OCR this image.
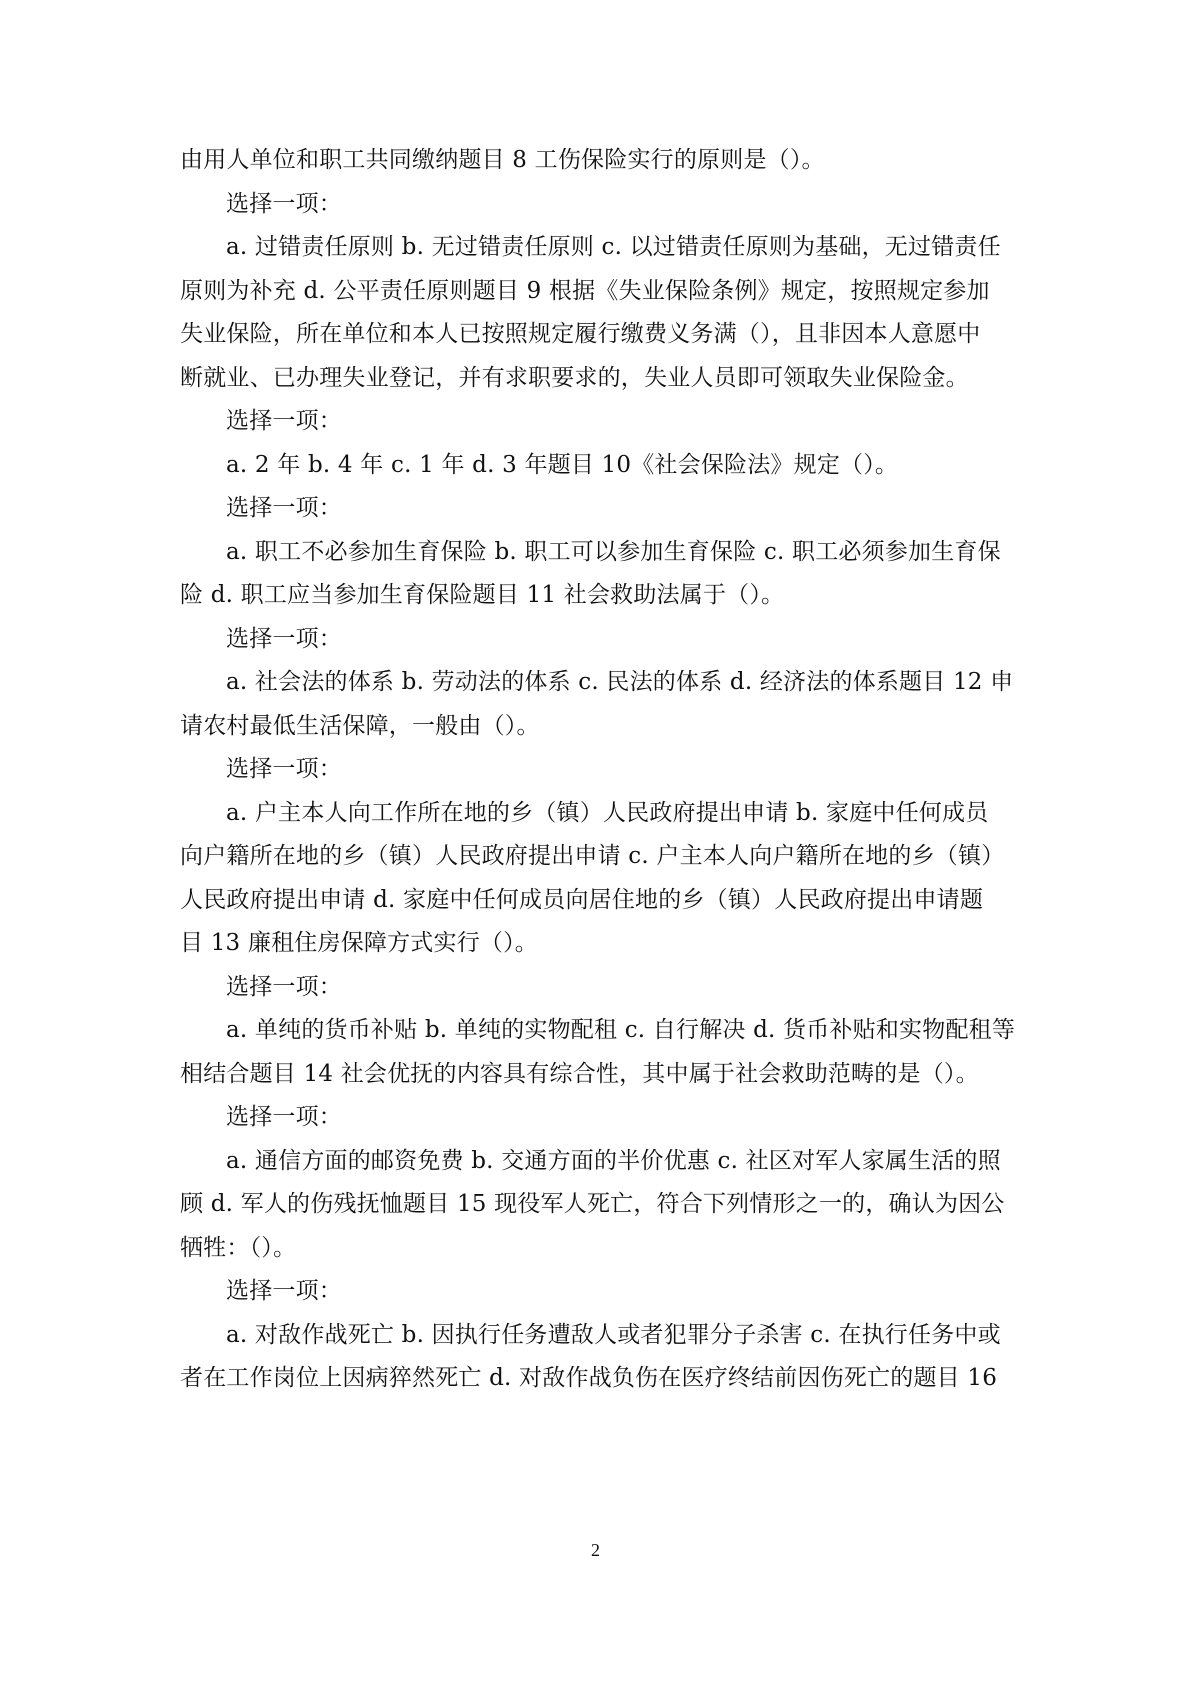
由用人单位和职工共同缴纳题目 8 工伤保险实行的原则是（）。
选择一项：
a. 过错责任原则 b. 无过错责任原则 c. 以过错责任原则为基础，无过错责任
原则为补充 d. 公平责任原则题目 9 根据《失业保险条例》规定，按照规定参加
失业保险，所在单位和本人已按照规定履行缴费义务满（），且非因本人意愿中
断就业、已办理失业登记，并有求职要求的，失业人员即可领取失业保险金。
选择一项：
a. 2 年 b. 4 年 c. 1 年 d. 3 年题目 10《社会保险法》规定（）。
选择一项：
a. 职工不必参加生育保险 b. 职工可以参加生育保险 c. 职工必须参加生育保
险 d. 职工应当参加生育保险题目 11 社会救助法属于（）。
选择一项：
a. 社会法的体系 b. 劳动法的体系 c. 民法的体系 d. 经济法的体系题目 12 申
请农村最低生活保障，一般由（）。
选择一项：
a. 户主本人向工作所在地的乡（镇）人民政府提出申请 b. 家庭中任何成员
向户籍所在地的乡（镇）人民政府提出申请 c. 户主本人向户籍所在地的乡（镇）
人民政府提出申请 d. 家庭中任何成员向居住地的乡（镇）人民政府提出申请题
目 13 廉租住房保障方式实行（）。
选择一项：
a. 单纯的货币补贴 b. 单纯的实物配租 c. 自行解决 d. 货币补贴和实物配租等
相结合题目 14 社会优抚的内容具有综合性，其中属于社会救助范畴的是（）。
选择一项：
a. 通信方面的邮资免费 b. 交通方面的半价优惠 c. 社区对军人家属生活的照
顾 d. 军人的伤残抚恤题目 15 现役军人死亡，符合下列情形之一的，确认为因公
牺牲：（）。
选择一项：
a. 对敌作战死亡 b. 因执行任务遭敌人或者犯罪分子杀害 c. 在执行任务中或
者在工作岗位上因病猝然死亡 d. 对敌作战负伤在医疗终结前因伤死亡的题目 16
2
